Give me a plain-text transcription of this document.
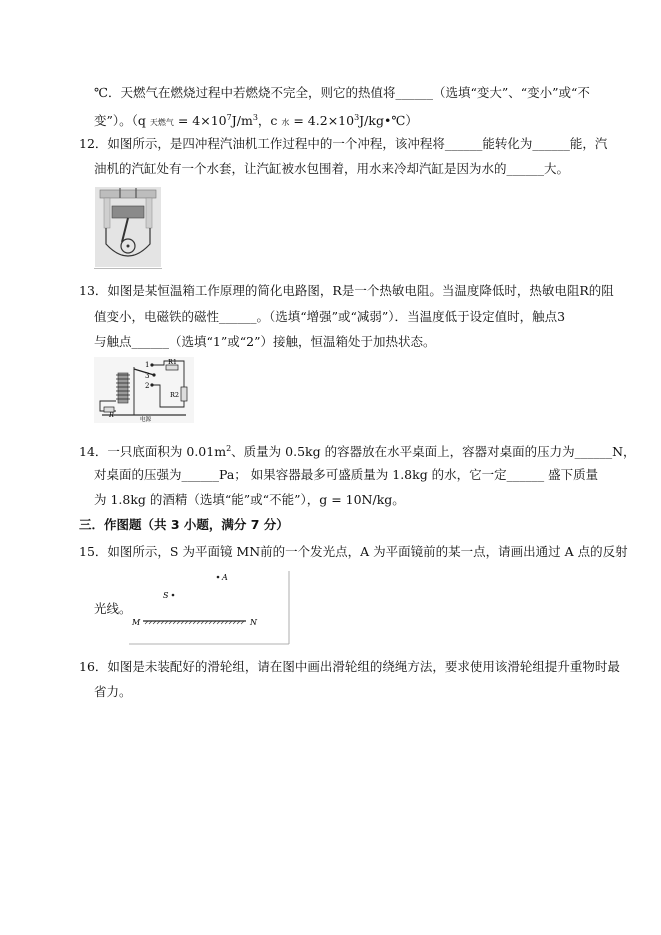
℃．天燃气在燃烧过程中若燃烧不完全，则它的热值将______（选填“变大”、“变小”或“不
变”）。（q 天燃气 = $4\times 10^7J/m^3$，c 水 = $4.2\times 10^3J/kg•℃$）
12．如图所示，是四冲程汽油机工作过程中的一个冲程，该冲程将______能转化为______能，汽
油机的汽缸处有一个水套，让汽缸被水包围着，用水来冷却汽缸是因为水的______大。
13．如图是某恒温箱工作原理的简化电路图，R是一个热敏电阻。当温度降低时，热敏电阻R的阻
值变小，电磁铁的磁性______。（选填“增强”或“减弱”）．当温度低于设定值时，触点3
与触点______（选填“1”或“2”）接触，恒温箱处于加热状态。
1
3
2
R1
R2
R
电源
14．一只底面积为 $0.01m^2$、质量为 0.5kg 的容器放在水平桌面上，容器对桌面的压力为______N，
对桌面的压强为______Pa； 如果容器最多可盛质量为 1.8kg 的水，它一定______ 盛下质量
为 1.8kg 的酒精（选填“能”或“不能”），g = 10N/kg。
三．作图题（共 3 小题，满分 7 分）
15．如图所示，S 为平面镜 MN前的一个发光点，A 为平面镜前的某一点，请画出通过 A 点的反射
A
S
M	N
光线。
16．如图是未装配好的滑轮组，请在图中画出滑轮组的绕绳方法，要求使用该滑轮组提升重物时最
省力。
